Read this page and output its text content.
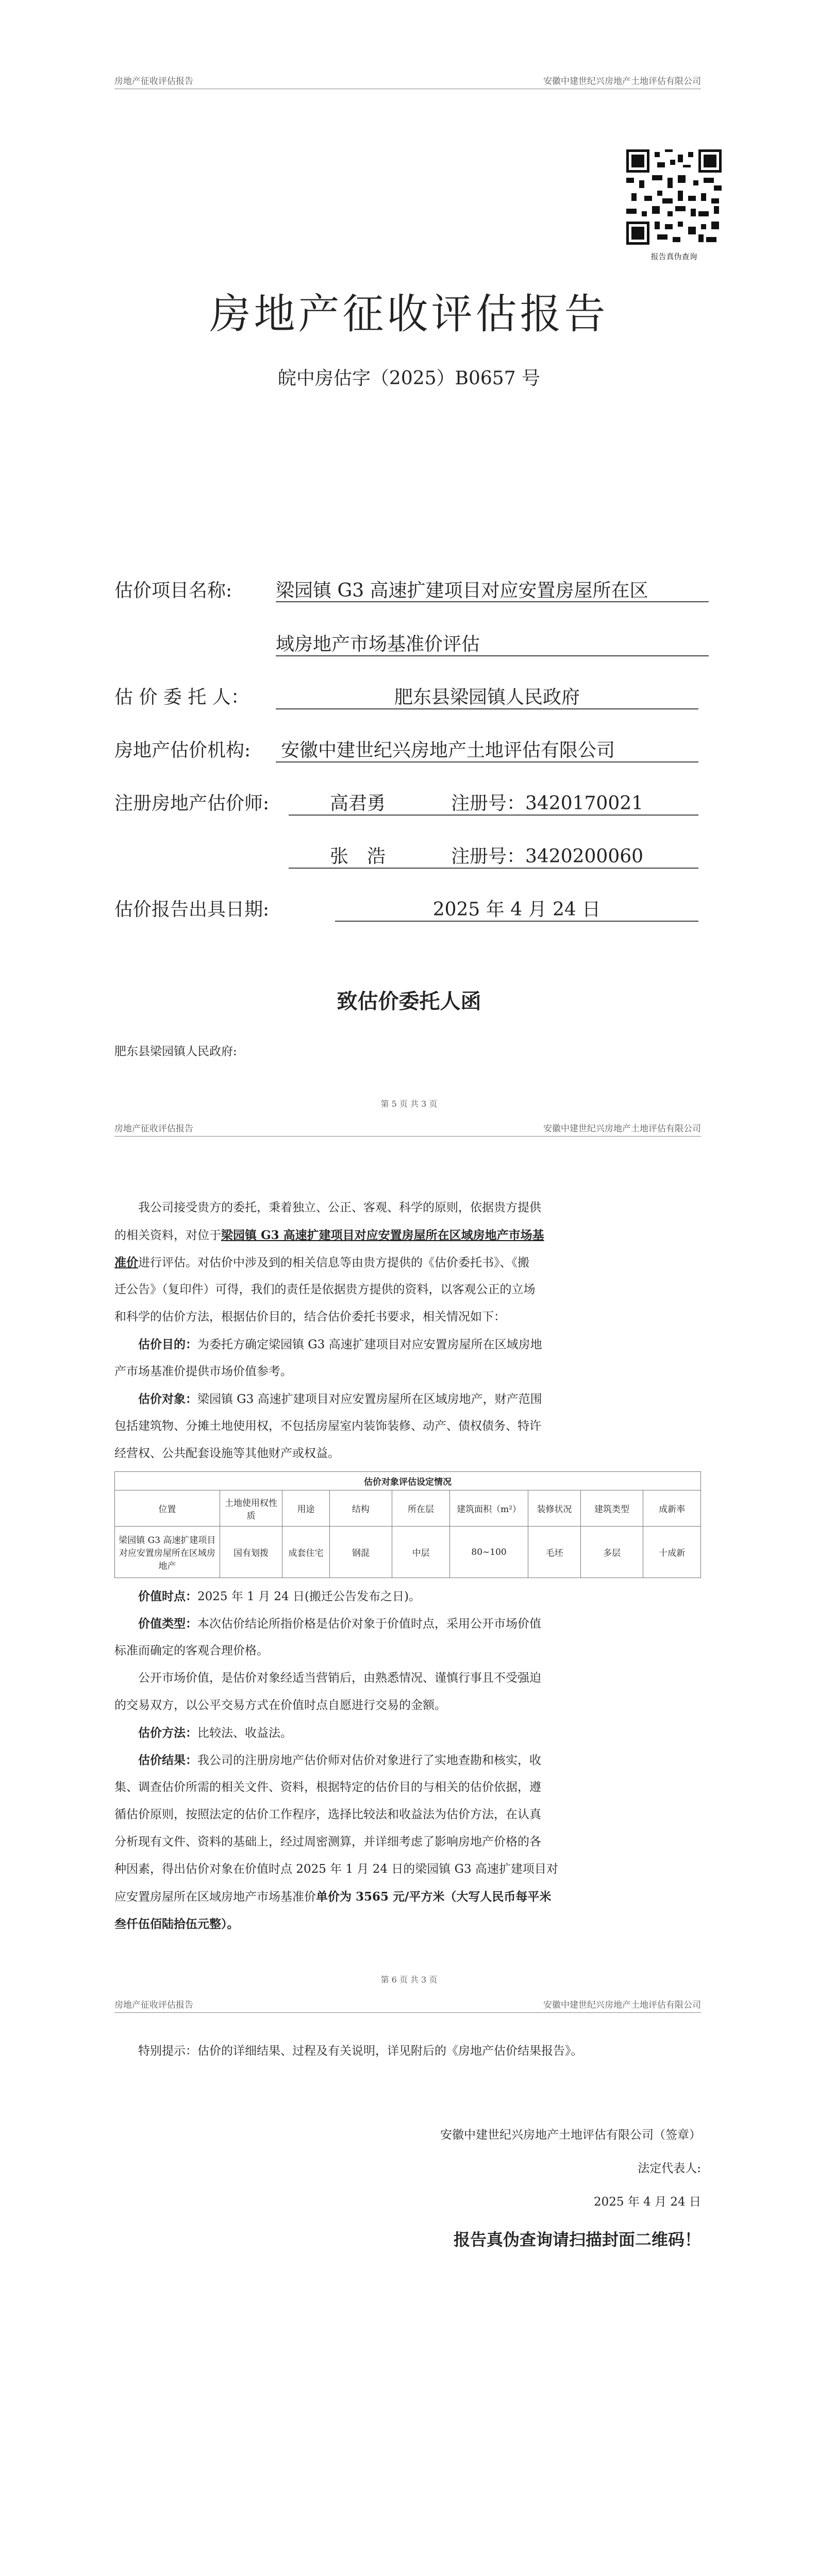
房地产征收评估报告	安徽中建世纪兴房地产土地评估有限公司
报告真伪查询
房地产征收评估报告
皖中房估字（2025）B0657 号
估价项目名称: 梁园镇 G3 高速扩建项目对应安置房屋所在区
域房地产市场基准价评估
估 价 委 托 人：	肥东县梁园镇人民政府
房地产估价机构: 安徽中建世纪兴房地产土地评估有限公司
注册房地产估价师:	高君勇	注册号：3420170021
张　浩	注册号：3420200060
估价报告出具日期:	2025 年 4 月 24 日
致估价委托人函
肥东县梁园镇人民政府:
第 5 页 共 3 页
房地产征收评估报告	安徽中建世纪兴房地产土地评估有限公司
我公司接受贵方的委托，秉着独立、公正、客观、科学的原则，依据贵方提供
的相关资料，对位于梁园镇 G3 高速扩建项目对应安置房屋所在区域房地产市场基
准价进行评估。对估价中涉及到的相关信息等由贵方提供的《估价委托书》、《搬
迁公告》（复印件）可得，我们的责任是依据贵方提供的资料，以客观公正的立场
和科学的估价方法，根据估价目的，结合估价委托书要求，相关情况如下：
估价目的：为委托方确定梁园镇 G3 高速扩建项目对应安置房屋所在区域房地
产市场基准价提供市场价值参考。
估价对象：梁园镇 G3 高速扩建项目对应安置房屋所在区域房地产，财产范围
包括建筑物、分摊土地使用权，不包括房屋室内装饰装修、动产、债权债务、特许
经营权、公共配套设施等其他财产或权益。
估价对象评估设定情况								
位置	土地使用权性质	用途	结构	所在层	建筑面积（m²）	装修状况	建筑类型	成新率
梁园镇 G3 高速扩建项目对应安置房屋所在区域房地产	国有划拨	成套住宅	钢混	中层	80~100	毛坯	多层	十成新
价值时点：2025 年 1 月 24 日(搬迁公告发布之日)。
价值类型：本次估价结论所指价格是估价对象于价值时点，采用公开市场价值
标准而确定的客观合理价格。
公开市场价值，是估价对象经适当营销后，由熟悉情况、谨慎行事且不受强迫
的交易双方，以公平交易方式在价值时点自愿进行交易的金额。
估价方法：比较法、收益法。
估价结果：我公司的注册房地产估价师对估价对象进行了实地查勘和核实，收
集、调查估价所需的相关文件、资料，根据特定的估价目的与相关的估价依据，遵
循估价原则，按照法定的估价工作程序，选择比较法和收益法为估价方法，在认真
分析现有文件、资料的基础上，经过周密测算，并详细考虑了影响房地产价格的各
种因素，得出估价对象在价值时点 2025 年 1 月 24 日的梁园镇 G3 高速扩建项目对
应安置房屋所在区域房地产市场基准价单价为 3565 元/平方米（大写人民币每平米
叁仟伍佰陆拾伍元整）。
第 6 页 共 3 页
房地产征收评估报告	安徽中建世纪兴房地产土地评估有限公司
特别提示：估价的详细结果、过程及有关说明，详见附后的《房地产估价结果报告》。
安徽中建世纪兴房地产土地评估有限公司（签章）
法定代表人:
2025 年 4 月 24 日
报告真伪查询请扫描封面二维码！
